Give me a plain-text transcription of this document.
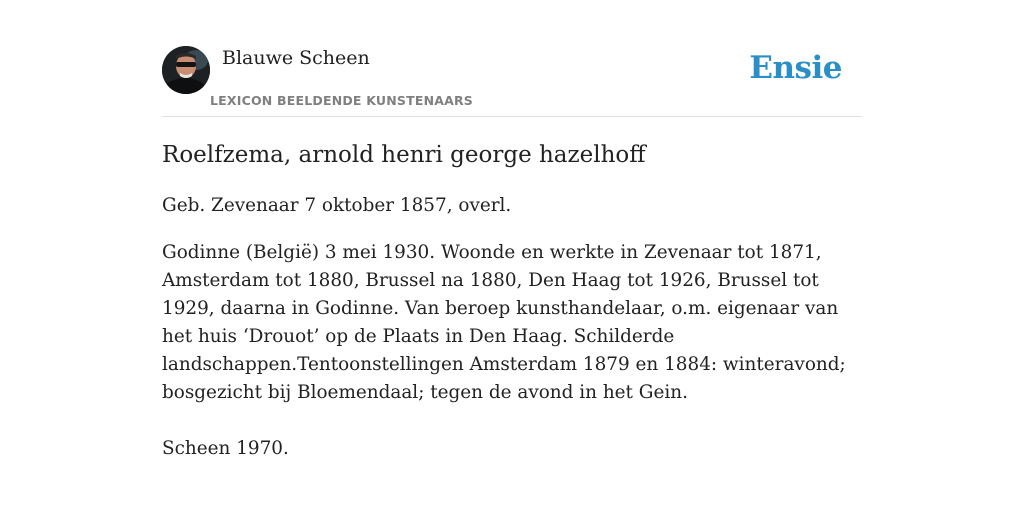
Blauwe Scheen
LEXICON BEELDENDE KUNSTENAARS
Ensie
Roelfzema, arnold henri george hazelhoff

Geb. Zevenaar 7 oktober 1857, overl.

Godinne (België) 3 mei 1930. Woonde en werkte in Zevenaar tot 1871, Amsterdam tot 1880, Brussel na 1880, Den Haag tot 1926, Brussel tot 1929, daarna in Godinne. Van beroep kunsthandelaar, o.m. eigenaar van het huis ‘Drouot’ op de Plaats in Den Haag. Schilderde landschappen.Tentoonstellingen Amsterdam 1879 en 1884: winteravond; bosgezicht bij Bloemendaal; tegen de avond in het Gein.

Scheen 1970.
